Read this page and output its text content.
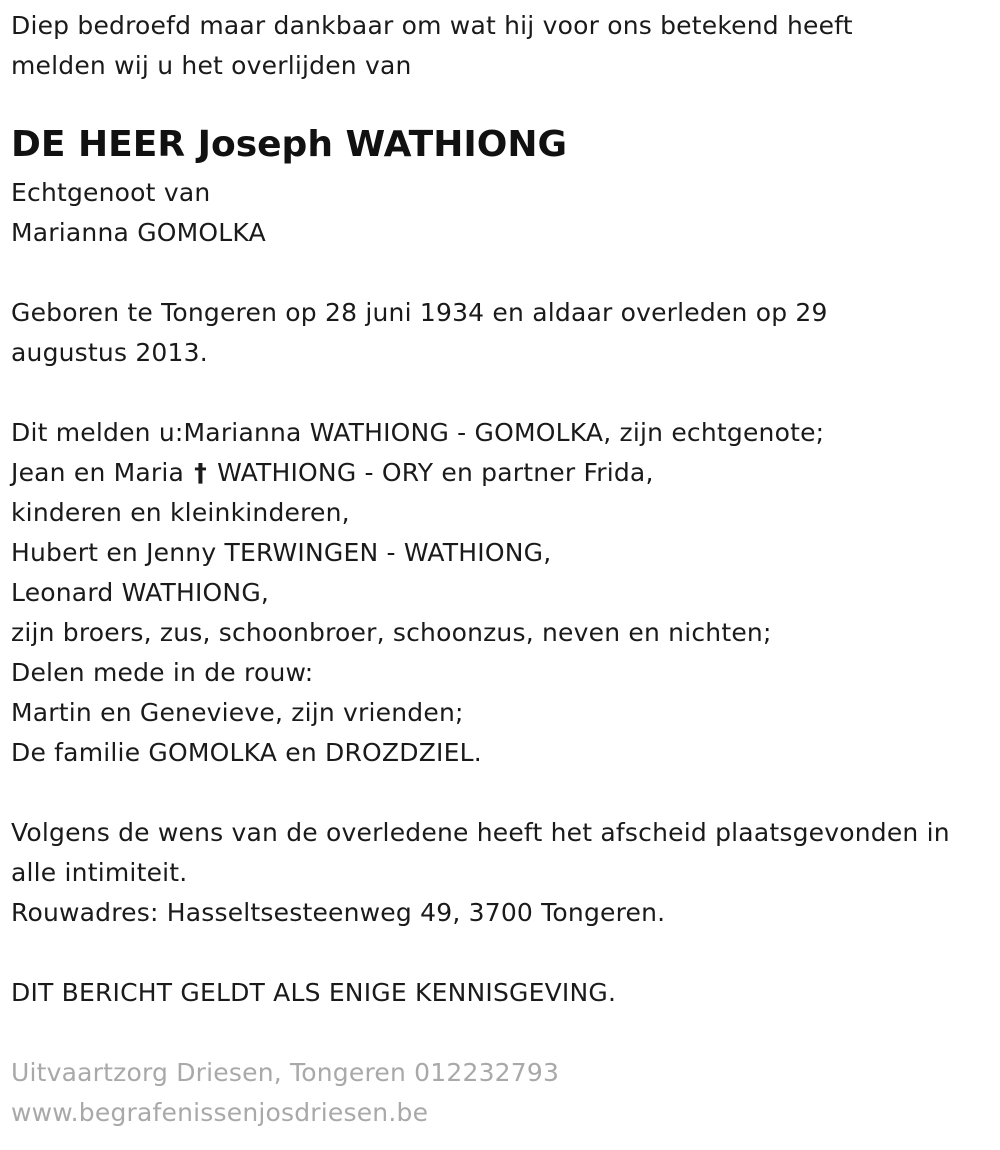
Diep bedroefd maar dankbaar om wat hij voor ons betekend heeft
melden wij u het overlijden van
DE HEER Joseph WATHIONG
Echtgenoot van
Marianna GOMOLKA
Geboren te Tongeren op 28 juni 1934 en aldaar overleden op 29
augustus 2013.
Dit melden u:Marianna WATHIONG - GOMOLKA, zijn echtgenote;
Jean en Maria † WATHIONG - ORY en partner Frida,
kinderen en kleinkinderen,
Hubert en Jenny TERWINGEN - WATHIONG,
Leonard WATHIONG,
zijn broers, zus, schoonbroer, schoonzus, neven en nichten;
Delen mede in de rouw:
Martin en Genevieve, zijn vrienden;
De familie GOMOLKA en DROZDZIEL.
Volgens de wens van de overledene heeft het afscheid plaatsgevonden in
alle intimiteit.
Rouwadres: Hasseltsesteenweg 49, 3700 Tongeren.
DIT BERICHT GELDT ALS ENIGE KENNISGEVING.
Uitvaartzorg Driesen, Tongeren 012232793
www.begrafenissenjosdriesen.be
